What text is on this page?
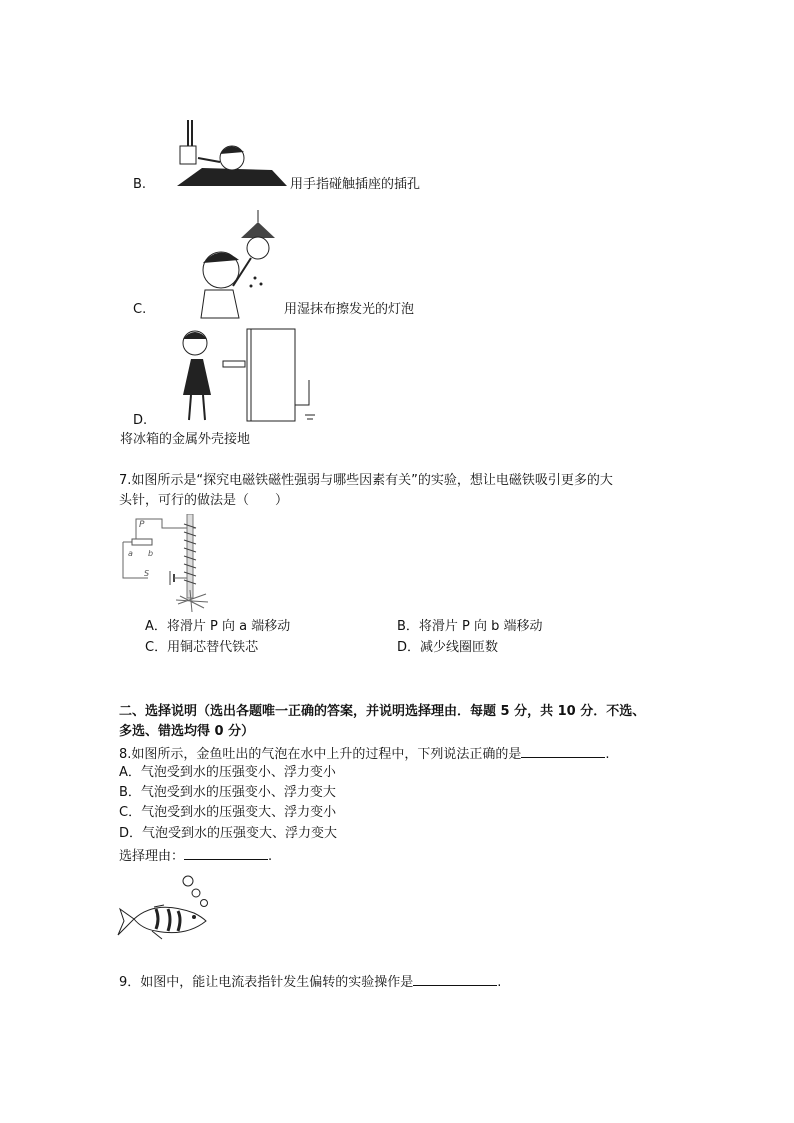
B.	用手指碰触插座的插孔
C.	用湿抹布擦发光的灯泡
D.
将冰箱的金属外壳接地
7.如图所示是“探究电磁铁磁性强弱与哪些因素有关”的实验，想让电磁铁吸引更多的大
头针，可行的做法是（　　）
P
a b
S
A．将滑片 P 向 a 端移动	B．将滑片 P 向 b 端移动
C．用铜芯替代铁芯	D．减少线圈匝数
二、选择说明（选出各题唯一正确的答案，并说明选择理由．每题 5 分，共 10 分．不选、
多选、错选均得 0 分）
8.如图所示，金鱼吐出的气泡在水中上升的过程中，下列说法正确的是	.
A．气泡受到水的压强变小、浮力变小
B．气泡受到水的压强变小、浮力变大
C．气泡受到水的压强变大、浮力变小
D．气泡受到水的压强变大、浮力变大
选择理由：	.
9．如图中，能让电流表指针发生偏转的实验操作是	.
